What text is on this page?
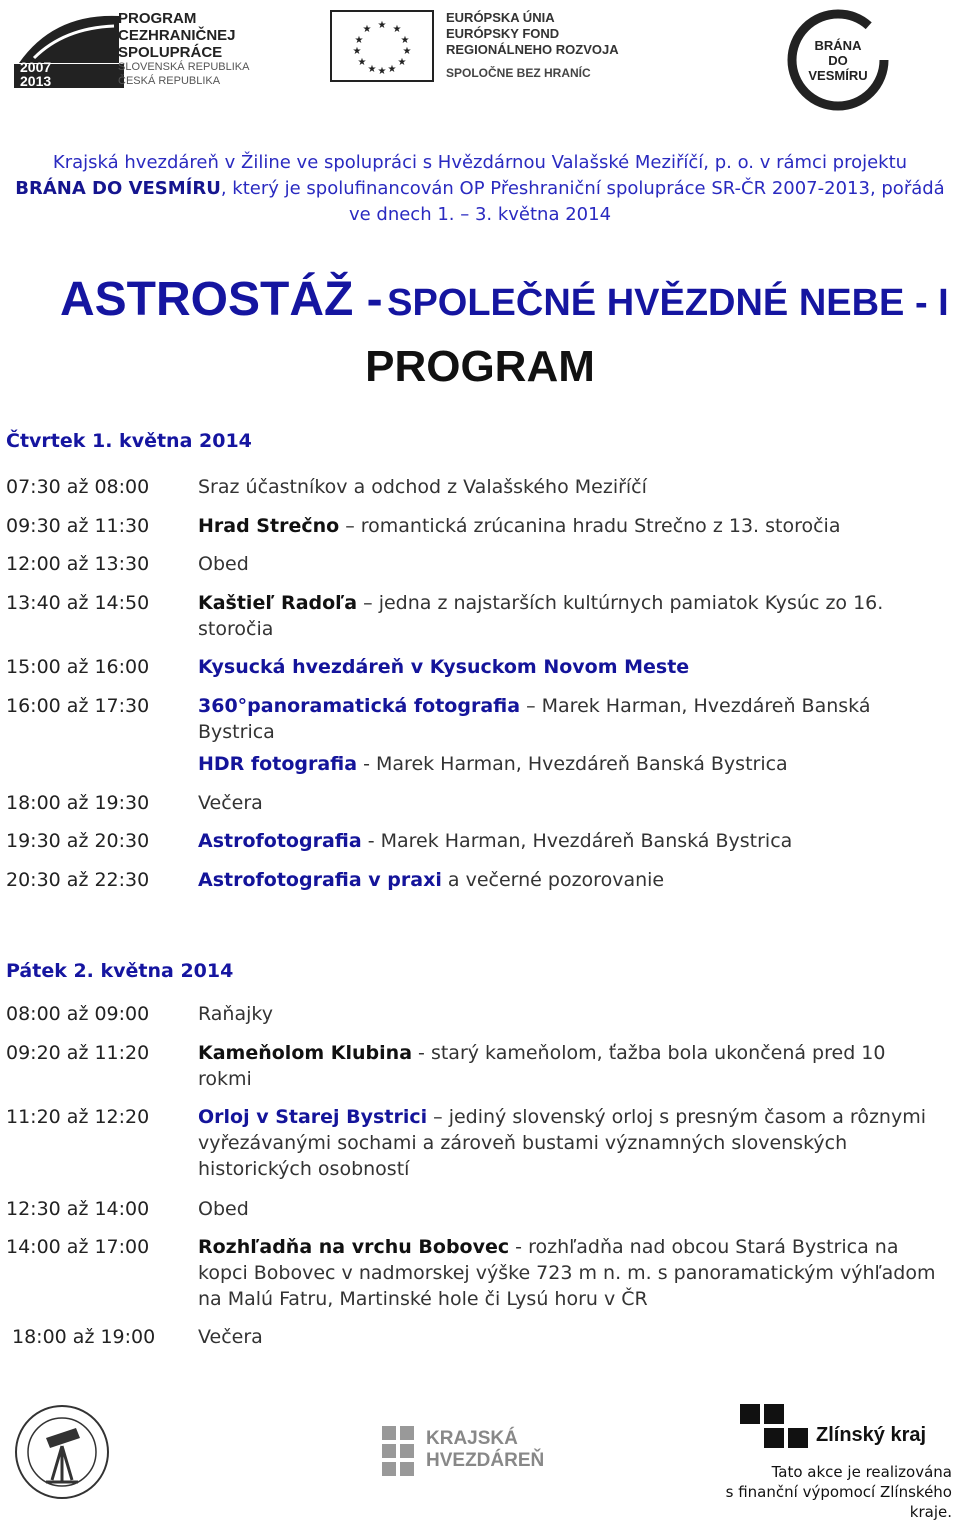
2007
2013
PROGRAM
CEZHRANIČNEJ
SPOLUPRÁCE
SLOVENSKÁ REPUBLIKA
ČESKÁ REPUBLIKA
★ ★
★
★
★
★
★
★
★
★
★
★
EURÓPSKA ÚNIA
EURÓPSKY FOND
REGIONÁLNEHO ROZVOJA
SPOLOČNE BEZ HRANÍC
BRÁNA
DO
VESMÍRU
Krajská hvezdáreň v Žiline ve spolupráci s Hvězdárnou Valašské Meziříčí, p. o. v rámci projektu
BRÁNA DO VESMÍRU, který je spolufinancován OP Přeshraniční spolupráce SR-ČR 2007-2013, pořádá
ve dnech 1. – 3. května 2014
ASTROSTÁŽ - SPOLEČNÉ HVĚZDNÉ NEBE - I
PROGRAM
Čtvrtek 1. května 2014
07:30 až 08:00	Sraz účastníkov a odchod z Valašského Meziříčí
09:30 až 11:30	Hrad Strečno – romantická zrúcanina hradu Strečno z 13. storočia
12:00 až 13:30	Obed
13:40 až 14:50	Kaštieľ Radoľa – jedna z najstarších kultúrnych pamiatok Kysúc zo 16. storočia
15:00 až 16:00	Kysucká hvezdáreň v Kysuckom Novom Meste
16:00 až 17:30	360°panoramatická fotografia – Marek Harman, Hvezdáreň Banská Bystrica
HDR fotografia - Marek Harman, Hvezdáreň Banská Bystrica
18:00 až 19:30	Večera
19:30 až 20:30	Astrofotografia - Marek Harman, Hvezdáreň Banská Bystrica
20:30 až 22:30	Astrofotografia v praxi a večerné pozorovanie
Pátek 2. května 2014
08:00 až 09:00	Raňajky
09:20 až 11:20	Kameňolom Klubina - starý kameňolom, ťažba bola ukončená pred 10 rokmi
11:20 až 12:20	Orloj v Starej Bystrici – jediný slovenský orloj s presným časom a rôznymi vyřezávanými sochami a zároveň bustami významných slovenských historických osobností
12:30 až 14:00	Obed
14:00 až 17:00	Rozhľadňa na vrchu Bobovec - rozhľadňa nad obcou Stará Bystrica na kopci Bobovec v nadmorskej výške 723 m n. m. s panoramatickým výhľadom na Malú Fatru, Martinské hole či Lysú horu v ČR
18:00 až 19:00 Večera
KRAJSKÁ
HVEZDÁREŇ
Zlínský kraj
Tato akce je realizována
s finanční výpomocí Zlínského kraje.
